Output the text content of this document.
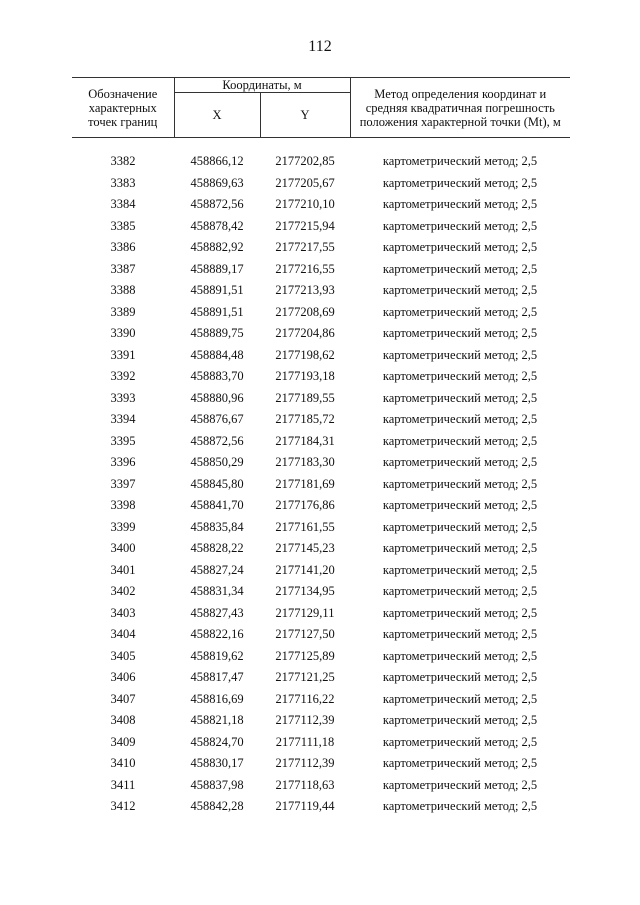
112
Обозначение характерных точек границ	Координаты, м		Метод определения координат и средняя квадратичная погрешность положения характерной точки (Mt), м
	X	Y	

3382	458866,12	2177202,85	картометрический метод; 2,5
3383	458869,63	2177205,67	картометрический метод; 2,5
3384	458872,56	2177210,10	картометрический метод; 2,5
3385	458878,42	2177215,94	картометрический метод; 2,5
3386	458882,92	2177217,55	картометрический метод; 2,5
3387	458889,17	2177216,55	картометрический метод; 2,5
3388	458891,51	2177213,93	картометрический метод; 2,5
3389	458891,51	2177208,69	картометрический метод; 2,5
3390	458889,75	2177204,86	картометрический метод; 2,5
3391	458884,48	2177198,62	картометрический метод; 2,5
3392	458883,70	2177193,18	картометрический метод; 2,5
3393	458880,96	2177189,55	картометрический метод; 2,5
3394	458876,67	2177185,72	картометрический метод; 2,5
3395	458872,56	2177184,31	картометрический метод; 2,5
3396	458850,29	2177183,30	картометрический метод; 2,5
3397	458845,80	2177181,69	картометрический метод; 2,5
3398	458841,70	2177176,86	картометрический метод; 2,5
3399	458835,84	2177161,55	картометрический метод; 2,5
3400	458828,22	2177145,23	картометрический метод; 2,5
3401	458827,24	2177141,20	картометрический метод; 2,5
3402	458831,34	2177134,95	картометрический метод; 2,5
3403	458827,43	2177129,11	картометрический метод; 2,5
3404	458822,16	2177127,50	картометрический метод; 2,5
3405	458819,62	2177125,89	картометрический метод; 2,5
3406	458817,47	2177121,25	картометрический метод; 2,5
3407	458816,69	2177116,22	картометрический метод; 2,5
3408	458821,18	2177112,39	картометрический метод; 2,5
3409	458824,70	2177111,18	картометрический метод; 2,5
3410	458830,17	2177112,39	картометрический метод; 2,5
3411	458837,98	2177118,63	картометрический метод; 2,5
3412	458842,28	2177119,44	картометрический метод; 2,5
